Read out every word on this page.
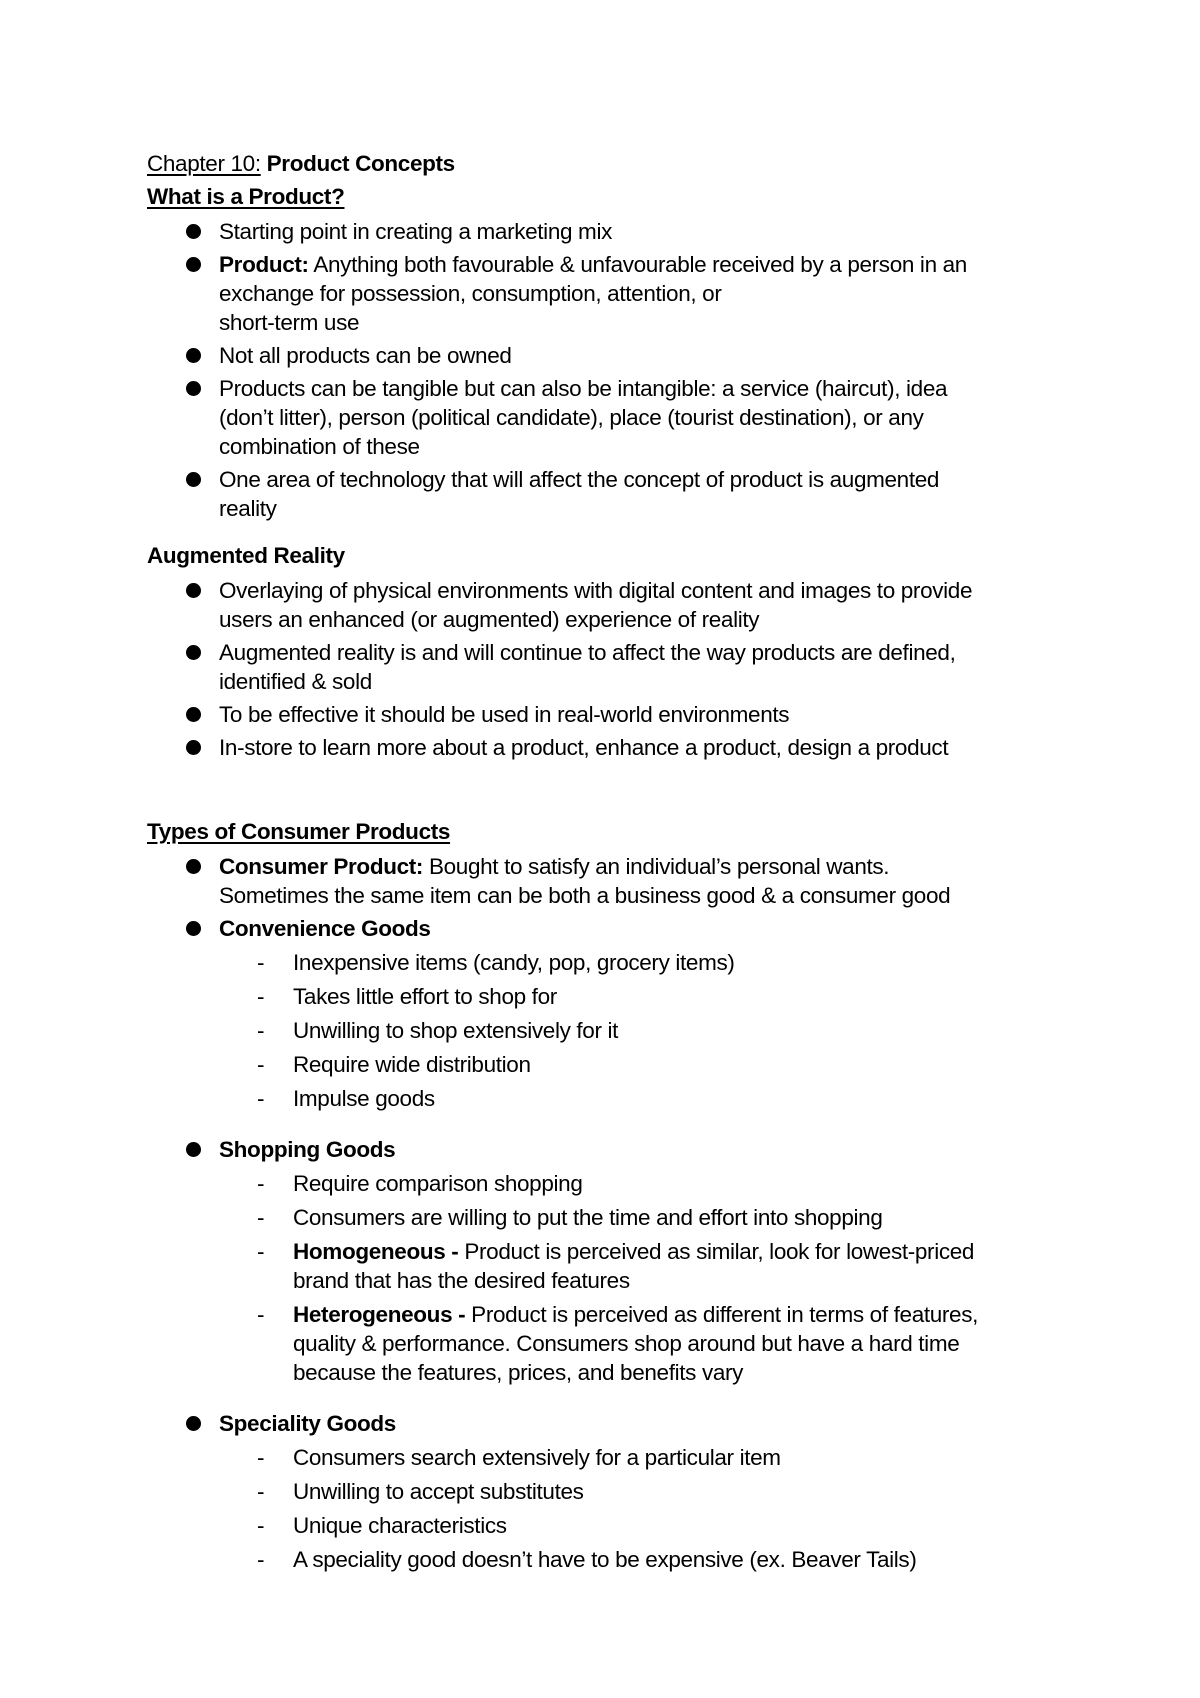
Chapter 10: Product Concepts
What is a Product?
Starting point in creating a marketing mix
Product: Anything both favourable & unfavourable received by a person in an
exchange for possession, consumption, attention, or
short-term use
Not all products can be owned
Products can be tangible but can also be intangible: a service (haircut), idea
(don’t litter), person (political candidate), place (tourist destination), or any
combination of these
One area of technology that will affect the concept of product is augmented
reality
Augmented Reality
Overlaying of physical environments with digital content and images to provide
users an enhanced (or augmented) experience of reality
Augmented reality is and will continue to affect the way products are defined,
identified & sold
To be effective it should be used in real-world environments
In-store to learn more about a product, enhance a product, design a product
Types of Consumer Products
Consumer Product: Bought to satisfy an individual’s personal wants.
Sometimes the same item can be both a business good & a consumer good
Convenience Goods
- Inexpensive items (candy, pop, grocery items)
- Takes little effort to shop for
- Unwilling to shop extensively for it
- Require wide distribution
- Impulse goods
Shopping Goods
- Require comparison shopping
- Consumers are willing to put the time and effort into shopping
- Homogeneous - Product is perceived as similar, look for lowest-priced
brand that has the desired features
- Heterogeneous - Product is perceived as different in terms of features,
quality & performance. Consumers shop around but have a hard time
because the features, prices, and benefits vary
Speciality Goods
- Consumers search extensively for a particular item
- Unwilling to accept substitutes
- Unique characteristics
- A speciality good doesn’t have to be expensive (ex. Beaver Tails)
